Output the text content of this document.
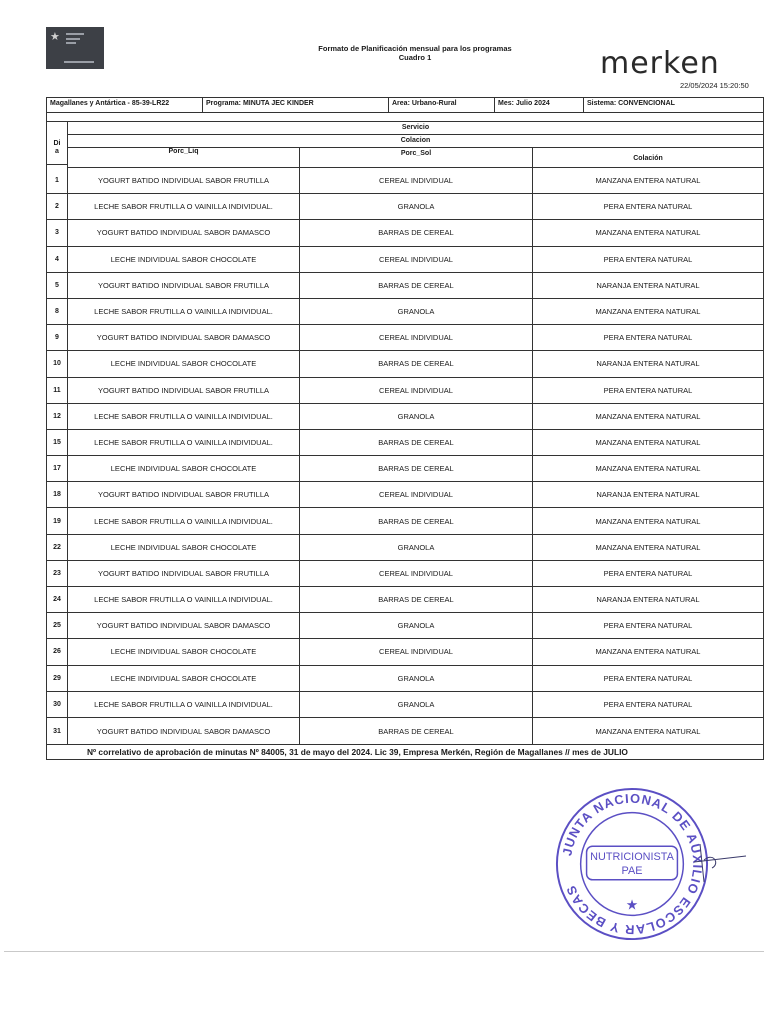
★
Formato de Planificación mensual para los programas
Cuadro 1	merken
22/05/2024 15:20:50
Magallanes y Antártica - 85-39-LR22	Programa: MINUTA JEC KINDER	Area: Urbano-Rural	Mes: Julio 2024	Sistema: CONVENCIONAL
Di
a
Servicio
Colacion
Porc_Liq	Porc_Sol
Colación
1	YOGURT BATIDO INDIVIDUAL SABOR FRUTILLA	CEREAL INDIVIDUAL	MANZANA ENTERA NATURAL
2	LECHE SABOR FRUTILLA O VAINILLA INDIVIDUAL.	GRANOLA	PERA ENTERA NATURAL
3	YOGURT BATIDO INDIVIDUAL SABOR DAMASCO	BARRAS DE CEREAL	MANZANA ENTERA NATURAL
4	LECHE INDIVIDUAL SABOR CHOCOLATE	CEREAL INDIVIDUAL	PERA ENTERA NATURAL
5	YOGURT BATIDO INDIVIDUAL SABOR FRUTILLA	BARRAS DE CEREAL	NARANJA ENTERA NATURAL
8	LECHE SABOR FRUTILLA O VAINILLA INDIVIDUAL.	GRANOLA	MANZANA ENTERA NATURAL
9	YOGURT BATIDO INDIVIDUAL SABOR DAMASCO	CEREAL INDIVIDUAL	PERA ENTERA NATURAL
10	LECHE INDIVIDUAL SABOR CHOCOLATE	BARRAS DE CEREAL	NARANJA ENTERA NATURAL
11	YOGURT BATIDO INDIVIDUAL SABOR FRUTILLA	CEREAL INDIVIDUAL	PERA ENTERA NATURAL
12	LECHE SABOR FRUTILLA O VAINILLA INDIVIDUAL.	GRANOLA	MANZANA ENTERA NATURAL
15	LECHE SABOR FRUTILLA O VAINILLA INDIVIDUAL.	BARRAS DE CEREAL	MANZANA ENTERA NATURAL
17	LECHE INDIVIDUAL SABOR CHOCOLATE	BARRAS DE CEREAL	MANZANA ENTERA NATURAL
18	YOGURT BATIDO INDIVIDUAL SABOR FRUTILLA	CEREAL INDIVIDUAL	NARANJA ENTERA NATURAL
19	LECHE SABOR FRUTILLA O VAINILLA INDIVIDUAL.	BARRAS DE CEREAL	MANZANA ENTERA NATURAL
22	LECHE INDIVIDUAL SABOR CHOCOLATE	GRANOLA	MANZANA ENTERA NATURAL
23	YOGURT BATIDO INDIVIDUAL SABOR FRUTILLA	CEREAL INDIVIDUAL	PERA ENTERA NATURAL
24	LECHE SABOR FRUTILLA O VAINILLA INDIVIDUAL.	BARRAS DE CEREAL	NARANJA ENTERA NATURAL
25	YOGURT BATIDO INDIVIDUAL SABOR DAMASCO	GRANOLA	PERA ENTERA NATURAL
26	LECHE INDIVIDUAL SABOR CHOCOLATE	CEREAL INDIVIDUAL	MANZANA ENTERA NATURAL
29	LECHE INDIVIDUAL SABOR CHOCOLATE	GRANOLA	PERA ENTERA NATURAL
30	LECHE SABOR FRUTILLA O VAINILLA INDIVIDUAL.	GRANOLA	PERA ENTERA NATURAL
31	YOGURT BATIDO INDIVIDUAL SABOR DAMASCO	BARRAS DE CEREAL	MANZANA ENTERA NATURAL
Nº correlativo de aprobación de minutas Nº 84005, 31 de mayo del 2024. Lic 39, Empresa Merkén, Región de Magallanes // mes de JULIO
JUNTA NACIONAL DE AUXILIO ESCOLAR Y BECAS
NUTRICIONISTA
PAE
★
